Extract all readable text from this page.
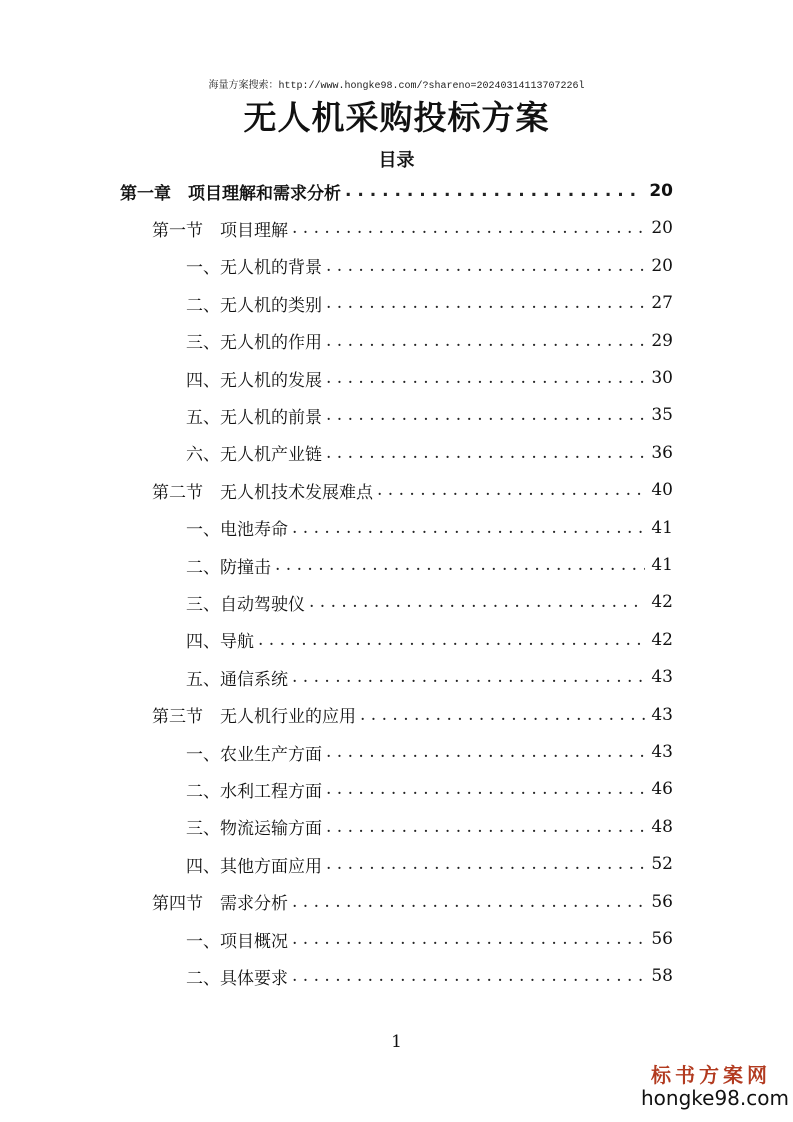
海量方案搜索：http://www.hongke98.com/?shareno=20240314113707226l
无人机采购投标方案
目录
第一章　项目理解和需求分析 . . .	20
第一节　项目理解 . . .	20
一、无人机的背景 . . .	20
二、无人机的类别 . . .	27
三、无人机的作用 . . .	29
四、无人机的发展 . . .	30
五、无人机的前景 . . .	35
六、无人机产业链 . . .	36
第二节　无人机技术发展难点 . . .	40
一、电池寿命 . . .	41
二、防撞击 . . .	41
三、自动驾驶仪 . . .	42
四、导航 . . .	42
五、通信系统 . . .	43
第三节　无人机行业的应用 . . .	43
一、农业生产方面 . . .	43
二、水利工程方面 . . .	46
三、物流运输方面 . . .	48
四、其他方面应用 . . .	52
第四节　需求分析 . . .	56
一、项目概况 . . .	56
二、具体要求 . . .	58
1
标书方案网
hongke98.com
